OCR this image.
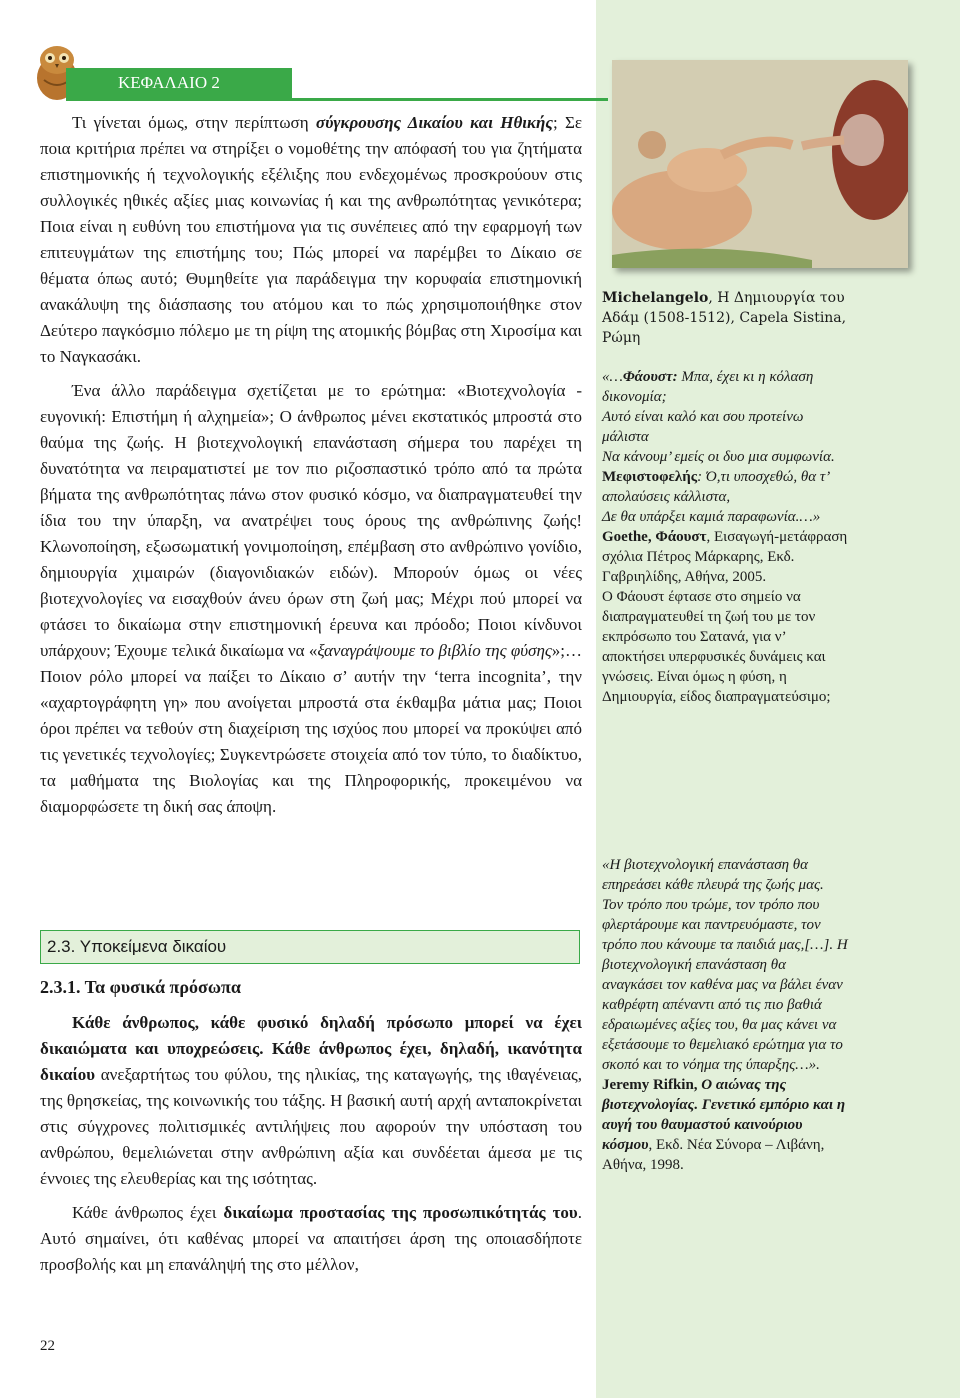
ΚΕΦΑΛΑΙΟ 2

Τι γίνεται όμως, στην περίπτωση σύγκρουσης Δικαίου και Ηθικής; Σε ποια κριτήρια πρέπει να στηρίξει ο νομοθέτης την απόφασή του για ζητήματα επιστημονικής ή τεχνολογικής εξέλιξης που ενδεχομένως προσκρούουν στις συλλογικές ηθικές αξίες μιας κοινωνίας ή και της ανθρωπότητας γενικότερα; Ποια είναι η ευθύνη του επιστήμονα για τις συνέπειες από την εφαρμογή των επιτευγμάτων της επιστήμης του; Πώς μπορεί να παρέμβει το Δίκαιο σε θέματα όπως αυτό; Θυμηθείτε για παράδειγμα την κορυφαία επιστημονική ανακάλυψη της διάσπασης του ατόμου και το πώς χρησιμοποιήθηκε στον Δεύτερο παγκόσμιο πόλεμο με τη ρίψη της ατομικής βόμβας στη Χιροσίμα και το Ναγκασάκι.

Ένα άλλο παράδειγμα σχετίζεται με το ερώτημα: «Βιοτεχνολογία - ευγονική: Επιστήμη ή αλχημεία»; Ο άνθρωπος μένει εκστατικός μπροστά στο θαύμα της ζωής. Η βιοτεχνολογική επανάσταση σήμερα του παρέχει τη δυνατότητα να πειραματιστεί με τον πιο ριζοσπαστικό τρόπο από τα πρώτα βήματα της ανθρωπότητας πάνω στον φυσικό κόσμο, να διαπραγματευθεί την ίδια του την ύπαρξη, να ανατρέψει τους όρους της ανθρώπινης ζωής! Κλωνοποίηση, εξωσωματική γονιμοποίηση, επέμβαση στο ανθρώπινο γονίδιο, δημιουργία χιμαιρών (διαγονιδιακών ειδών). Μπορούν όμως οι νέες βιοτεχνολογίες να εισαχθούν άνευ όρων στη ζωή μας; Μέχρι πού μπορεί να φτάσει το δικαίωμα στην επιστημονική έρευνα και πρόοδο; Ποιοι κίνδυνοι υπάρχουν; Έχουμε τελικά δικαίωμα να «ξαναγράψουμε το βιβλίο της φύσης»;…Ποιον ρόλο μπορεί να παίξει το Δίκαιο σ’ αυτήν την ‘terra incognita’, την «αχαρτογράφητη γη» που ανοίγεται μπροστά στα έκθαμβα μάτια μας; Ποιοι όροι πρέπει να τεθούν στη διαχείριση της ισχύος που μπορεί να προκύψει από τις γενετικές τεχνολογίες; Συγκεντρώσετε στοιχεία από τον τύπο, το διαδίκτυο, τα μαθήματα της Βιολογίας και της Πληροφορικής, προκειμένου να διαμορφώσετε τη δική σας άποψη.

2.3. Υποκείμενα δικαίου
2.3.1. Τα φυσικά πρόσωπα

Κάθε άνθρωπος, κάθε φυσικό δηλαδή πρόσωπο μπορεί να έχει δικαιώματα και υποχρεώσεις. Κάθε άνθρωπος έχει, δηλαδή, ικανότητα δικαίου ανεξαρτήτως του φύλου, της ηλικίας, της καταγωγής, της ιθαγένειας, της θρησκείας, της κοινωνικής του τάξης. Η βασική αυτή αρχή ανταποκρίνεται στις σύγχρονες πολιτισμικές αντιλήψεις που αφορούν την υπόσταση του ανθρώπου, θεμελιώνεται στην ανθρώπινη αξία και συνδέεται άμεσα με τις έννοιες της ελευθερίας και της ισότητας.

Κάθε άνθρωπος έχει δικαίωμα προστασίας της προσωπικότητάς του. Αυτό σημαίνει, ότι καθένας μπορεί να απαιτήσει άρση της οποιασδήποτε προσβολής και μη επανάληψή της στο μέλλον,

22

Michelangelo, Η Δημιουργία του Αδάμ (1508-1512), Capela Sistina, Ρώμη

«…Φάουστ: Μπα, έχει κι η κόλαση δικονομία;

Αυτό είναι καλό και σου προτείνω μάλιστα

Να κάνουμ’ εμείς οι δυο μια συμφωνία.

Μεφιστοφελής: Ό,τι υποσχεθώ, θα τ’ απολαύσεις κάλλιστα,

Δε θα υπάρξει καμιά παραφωνία.…»

Goethe, Φάουστ, Εισαγωγή-μετάφραση σχόλια Πέτρος Μάρκαρης, Εκδ. Γαβριηλίδης, Αθήνα, 2005.

Ο Φάουστ έφτασε στο σημείο να διαπραγματευθεί τη ζωή του με τον εκπρόσωπο του Σατανά, για ν’ αποκτήσει υπερφυσικές δυνάμεις και γνώσεις. Είναι όμως η φύση, η Δημιουργία, είδος διαπραγματεύσιμο;

«Η βιοτεχνολογική επανάσταση θα επηρεάσει κάθε πλευρά της ζωής μας. Τον τρόπο που τρώμε, τον τρόπο που φλερτάρουμε και παντρευόμαστε, τον τρόπο που κάνουμε τα παιδιά μας,[…]. Η βιοτεχνολογική επανάσταση θα αναγκάσει τον καθένα μας να βάλει έναν καθρέφτη απέναντι από τις πιο βαθιά εδραιωμένες αξίες του, θα μας κάνει να εξετάσουμε το θεμελιακό ερώτημα για το σκοπό και το νόημα της ύπαρξης…».

Jeremy Rifkin, Ο αιώνας της βιοτεχνολογίας. Γενετικό εμπόριο και η αυγή του θαυμαστού καινούριου κόσμου, Εκδ. Νέα Σύνορα – Λιβάνη, Αθήνα, 1998.
